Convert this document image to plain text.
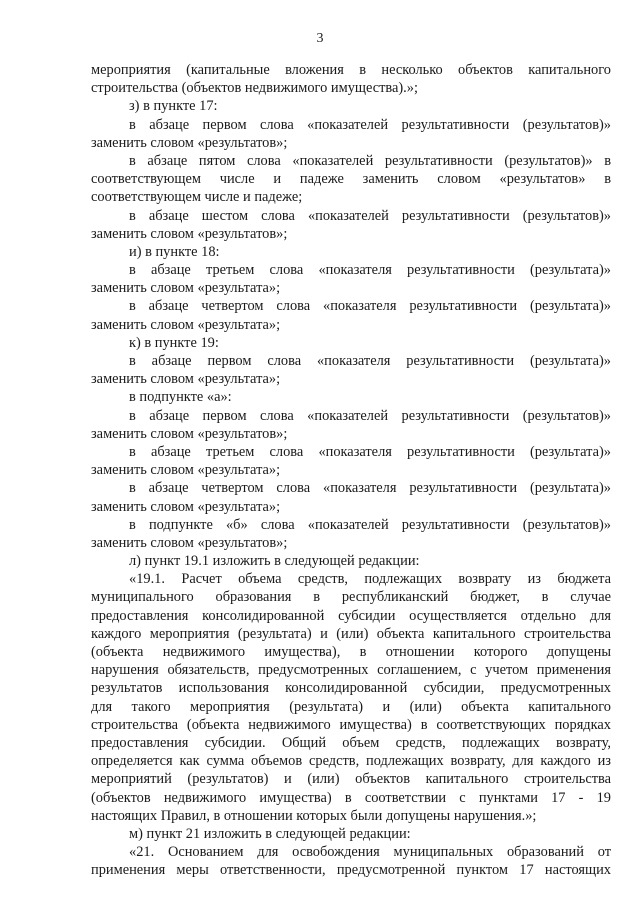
3
мероприятия (капитальные вложения в несколько объектов капитального
строительства (объектов недвижимого имущества).»;
з) в пункте 17:
в абзаце первом слова «показателей результативности (результатов)»
заменить словом «результатов»;
в абзаце пятом слова «показателей результативности (результатов)» в
соответствующем числе и падеже заменить словом «результатов» в
соответствующем числе и падеже;
в абзаце шестом слова «показателей результативности (результатов)»
заменить словом «результатов»;
и) в пункте 18:
в абзаце третьем слова «показателя результативности (результата)»
заменить словом «результата»;
в абзаце четвертом слова «показателя результативности (результата)»
заменить словом «результата»;
к) в пункте 19:
в абзаце первом слова «показателя результативности (результата)»
заменить словом «результата»;
в подпункте «а»:
в абзаце первом слова «показателей результативности (результатов)»
заменить словом «результатов»;
в абзаце третьем слова «показателя результативности (результата)»
заменить словом «результата»;
в абзаце четвертом слова «показателя результативности (результата)»
заменить словом «результата»;
в подпункте «б» слова «показателей результативности (результатов)»
заменить словом «результатов»;
л) пункт 19.1 изложить в следующей редакции:
«19.1. Расчет объема средств, подлежащих возврату из бюджета
муниципального образования в республиканский бюджет, в случае
предоставления консолидированной субсидии осуществляется отдельно для
каждого мероприятия (результата) и (или) объекта капитального строительства
(объекта недвижимого имущества), в отношении которого допущены
нарушения обязательств, предусмотренных соглашением, с учетом применения
результатов использования консолидированной субсидии, предусмотренных
для такого мероприятия (результата) и (или) объекта капитального
строительства (объекта недвижимого имущества) в соответствующих порядках
предоставления субсидии. Общий объем средств, подлежащих возврату,
определяется как сумма объемов средств, подлежащих возврату, для каждого из
мероприятий (результатов) и (или) объектов капитального строительства
(объектов недвижимого имущества) в соответствии с пунктами 17 - 19
настоящих Правил, в отношении которых были допущены нарушения.»;
м) пункт 21 изложить в следующей редакции:
«21. Основанием для освобождения муниципальных образований от
применения меры ответственности, предусмотренной пунктом 17 настоящих
